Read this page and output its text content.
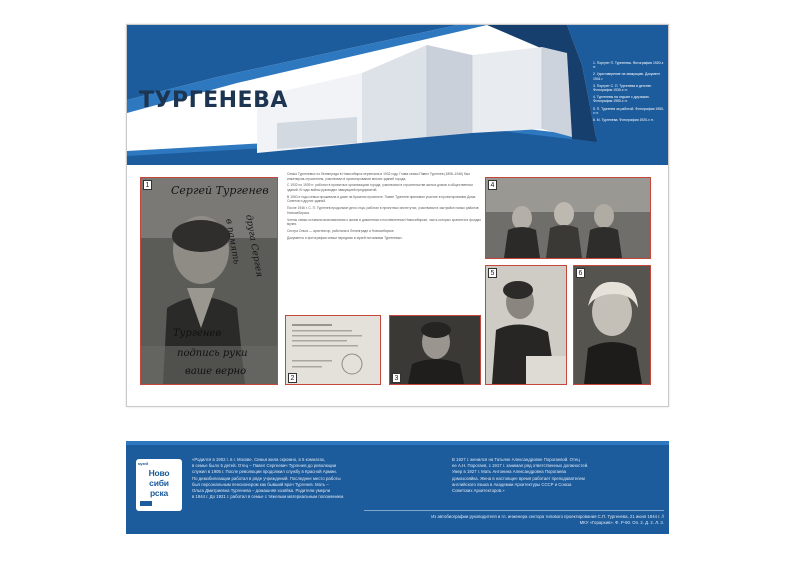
Семья
ТУРГЕНЕВА
1. Портрет П. Тургенева. Фотография 1920-х гг.
2. Удостоверение на эвакуацию. Документ 1941 г.
3. Портрет С. П. Тургенева в детстве. Фотография 1930-х гг.
4. Тургеневы на отдыхе с друзьями. Фотография 1950-х гг.
5. П. Тургенев за работой. Фотография 1950-х гг.
6. М. Тургенева. Фотография 1920-х гг.
Сергей Тургенев
в память друга Сергея
Тургенев
подпись руки
ваше верно
1

Семья Тургеневых из Ленинграда в Новосибирск переехала в 1932 году. Глава семьи Павел Тургенев (1898–1946) был инженером-строителем, участвовал в проектировании многих зданий города.

С 1932 по 1939 гг. работал в проектных организациях города, участвовал в строительстве жилых домов и общественных зданий. В годы войны руководил эвакуацией предприятий.

В 1940-е годы семья проживала в доме на Красном проспекте. Павел Тургенев принимал участие в проектировании Дома Советов и других зданий.

После 1946 г. С. П. Тургенев продолжил дело отца, работал в проектных институтах, участвовал в застройке новых районов Новосибирска.

Члены семьи оставили воспоминания о жизни в довоенном и послевоенном Новосибирске, часть которых хранится в фондах музея.

Сестра Ольга — архитектор, работала в Ленинграде и Новосибирске.

Документы и фотографии семьи переданы в музей потомками Тургеневых.

2	3
4
5	6
музей
Ново
сиби
рска
«Родился в 1902 г. в г. Москве. Семья жила скромно, в 5 комнатах,
в семье было 5 детей. Отец – Павел Сергеевич Тургенев до революции
служил в 1905 г. После революции продолжил службу в Красной Армии.
По демобилизации работал в ряде учреждений. Последнее место работы
был персональным пенсионером как бывший врач Тургенев. Мать –
Ольга Дмитриевна Тургенева – домашняя хозяйка. Родители умерли
в 1944 г. До 1921 г. работал в семье с тяжелым материальным положением.
В 1927 г. женился на Татьяне Александровне Порогаевой. Отец
ее А.Н. Порогаев, с 1917 г. занимал ряд ответственных должностей.
Умер в 1927 г. Мать Антонина Александровна Порогаева
домохозяйка. Жена в настоящее время работает преподавателем
английского языка в Академии Архитектуры СССР и Союза
Советских Архитекторов.»
Из автобиографии руководителя и гл. инженера сектора типового проектирования С.П. Тургенева, 21 июня 1944 г. //
МКУ «Горархив». Ф. Р-90. Оп. 2. Д. 2. Л. 3.
